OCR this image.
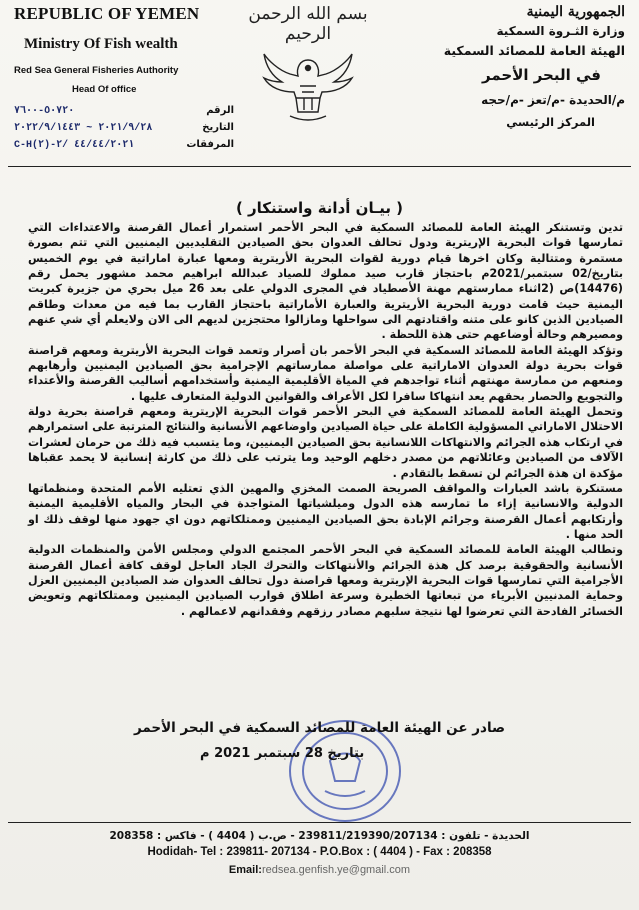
REPUBLIC OF YEMEN
Ministry Of Fish wealth
Red Sea General Fisheries Authority
Head Of office
بسم الله الرحمن الرحيم
الجمهورية اليمنية
وزارة الثـروة السمكية
الهيئة العامة للمصائد السمكية
في البحر الأحمر
م/الحديدة -م/تعز -م/حجه
المركز الرئيسي
٥٠٧٢٠-٧٦٠٠	الرقم
٢٠٢١/٩/٢٨ ~ ٢٠٢٢/٩/١٤٤٣	التاريخ
C-H٤٤/٤٤/٢٠٢١ /٢-(٢)	المرفقات
( بيـان أدانة واستنكار )

تدين وتستنكر الهيئة العامة للمصائد السمكية في البحر الأحمر استمرار أعمال القرصنة والاعتداءات التي تمارسها قوات البحرية الإريترية ودول تحالف العدوان بحق الصيادين التقليديين اليمنيين التي تتم بصورة مستمرة ومتتالية وكان اخرها قيام دورية لقوات البحرية الأريترية ومعها عبارة اماراتية في يوم الخميس بتاريخ/02 سبتمبر/2021م باحتجاز قارب صيد مملوك للصياد عبدالله ابراهيم محمد مشهور يحمل رقم (14476)ص (2اثناء ممارستهم مهنة الأصطياد في المجرى الدولي على بعد 26 ميل بحري من جزيرة كبريت اليمنية حيث قامت دورية البحرية الأريترية والعبارة الأماراتية باحتجاز القارب بما فيه من معدات وطاقم الصيادين الذين كانو على متنه واقتادتهم الى سواحلها ومازالوا محتجزين لديهم الى الان ولايعلم أي شي عنهم ومصيرهم وحالة أوضاعهم حتى هذة اللحظة .

وتؤكد الهيئة العامة للمصائد السمكية في البحر الأحمر بان أصرار وتعمد قوات البحرية الأريترية ومعهم قراصنة قوات بحرية دولة العدوان الاماراتية على مواصلة ممارساتهم الإجرامية بحق الصيادين اليمنيين وأرهابهم ومنعهم من ممارسة مهنتهم أثناء تواجدهم في المياة الأقليمية اليمنية وأستخدامهم أساليب القرصنة والأعتداء والتجويع والحصار بحقهم يعد انتهاكا سافرا لكل الأعراف والقوانين الدولية المتعارف عليها .

وتحمل الهيئة العامة للمصائد السمكية في البحر الأحمر قوات البحرية الإريترية ومعهم قراصنة بحرية دولة الاحتلال الاماراتي المسؤولية الكاملة على حياة الصيادين واوضاعهم الأنسانية والنتائج المترتبة على استمرارهم في ارتكاب هذه الجرائم والانتهاكات اللانسانية بحق الصيادين اليمنيين، وما يتسبب فيه ذلك من حرمان لعشرات الآلاف من الصيادين وعائلاتهم من مصدر دخلهم الوحيد وما يترتب على ذلك من كارثة إنسانية لا يحمد عقباها مؤكدة ان هذة الجرائم لن تسقط بالتقادم .

مستنكرة باشد العبارات والمواقف الصريحة الصمت المخزي والمهين الذي تعتليه الأمم المتحدة ومنظماتها الدولية والانسانية إزاء ما تمارسه هذه الدول وميلشياتها المتواجدة في البحار والمياه الأقليمية اليمنية وأرتكابهم أعمال القرصنة وجرائم الإبادة بحق الصيادين اليمنيين وممتلكاتهم دون اي جهود منها لوقف ذلك او الحد منها .

وتطالب الهيئة العامة للمصائد السمكية في البحر الأحمر المجتمع الدولي ومجلس الأمن والمنظمات الدولية الأنسانية والحقوقية برصد كل هذة الجرائم والأنتهاكات والتحرك الجاد العاجل لوقف كافة أعمال القرصنة الأجرامية التي تمارسها قوات البحرية الإريترية ومعها قراصنة دول تحالف العدوان ضد الصيادين اليمنيين العزل وحماية المدنيين الأبرياء من تبعاتها الخطيرة وسرعة اطلاق قوارب الصيادين اليمنيين وممتلكاتهم وتعويض الخسائر الفادحة التي تعرضوا لها نتيجة سلبهم مصادر رزقهم وفقدانهم لاعمالهم .

صادر عن الهيئة العامة للمصائد السمكية في البحر الأحمر
بتاريخ 28 سبتمبر 2021 م
الحديدة - تلفون : 239811/219390/207134 - ص.ب ( 4404 ) - فاكس : 208358
Hodidah- Tel : 239811- 207134 - P.O.Box : ( 4404 ) - Fax : 208358
Email:redsea.genfish.ye@gmail.com
